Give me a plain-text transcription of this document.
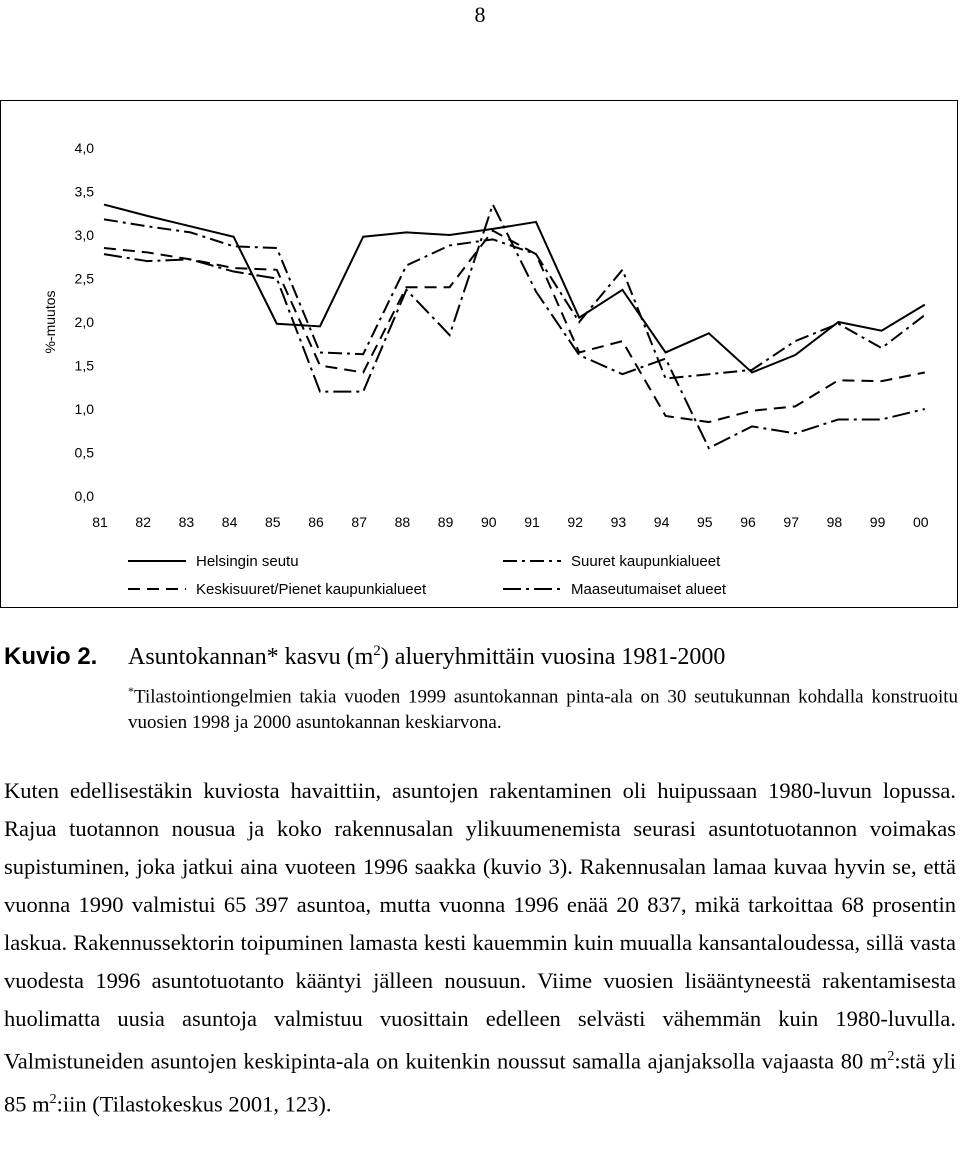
8
%-muutos
4,0
3,5
3,0
2,5
2,0
1,5
1,0
0,5
0,0
81 82 83 84 85 86 87 88 89 90 91 92 93 94 95 96 97 98 99 00
Helsingin seutu	Suuret kaupunkialueet
Keskisuuret/Pienet kaupunkialueet	Maaseutumaiset alueet
Kuvio 2. Asuntokannan* kasvu $(m^2)$ alueryhmittäin vuosina 1981-2000
*Tilastointiongelmien takia vuoden 1999 asuntokannan pinta-ala on 30 seutukunnan kohdalla konstruoitu vuosien 1998 ja 2000 asuntokannan keskiarvona.
Kuten edellisestäkin kuviosta havaittiin, asuntojen rakentaminen oli huipussaan 1980-luvun lopussa. Rajua tuotannon nousua ja koko rakennusalan ylikuumenemista seurasi asuntotuotannon voimakas supistuminen, joka jatkui aina vuoteen 1996 saakka (kuvio 3). Rakennusalan lamaa kuvaa hyvin se, että vuonna 1990 valmistui 65 397 asuntoa, mutta vuonna 1996 enää 20 837, mikä tarkoittaa 68 prosentin laskua. Rakennussektorin toipuminen lamasta kesti kauemmin kuin muualla kansantaloudessa, sillä vasta vuodesta 1996 asuntotuotanto kääntyi jälleen nousuun. Viime vuosien lisääntyneestä rakentamisesta huolimatta uusia asuntoja valmistuu vuosittain edelleen selvästi vähemmän kuin 1980-luvulla. Valmistuneiden asuntojen keskipinta-ala on kuitenkin noussut samalla ajanjaksolla vajaasta 80 $m^2:stä$ yli 85 $m^2:iin$ (Tilastokeskus 2001, 123).
